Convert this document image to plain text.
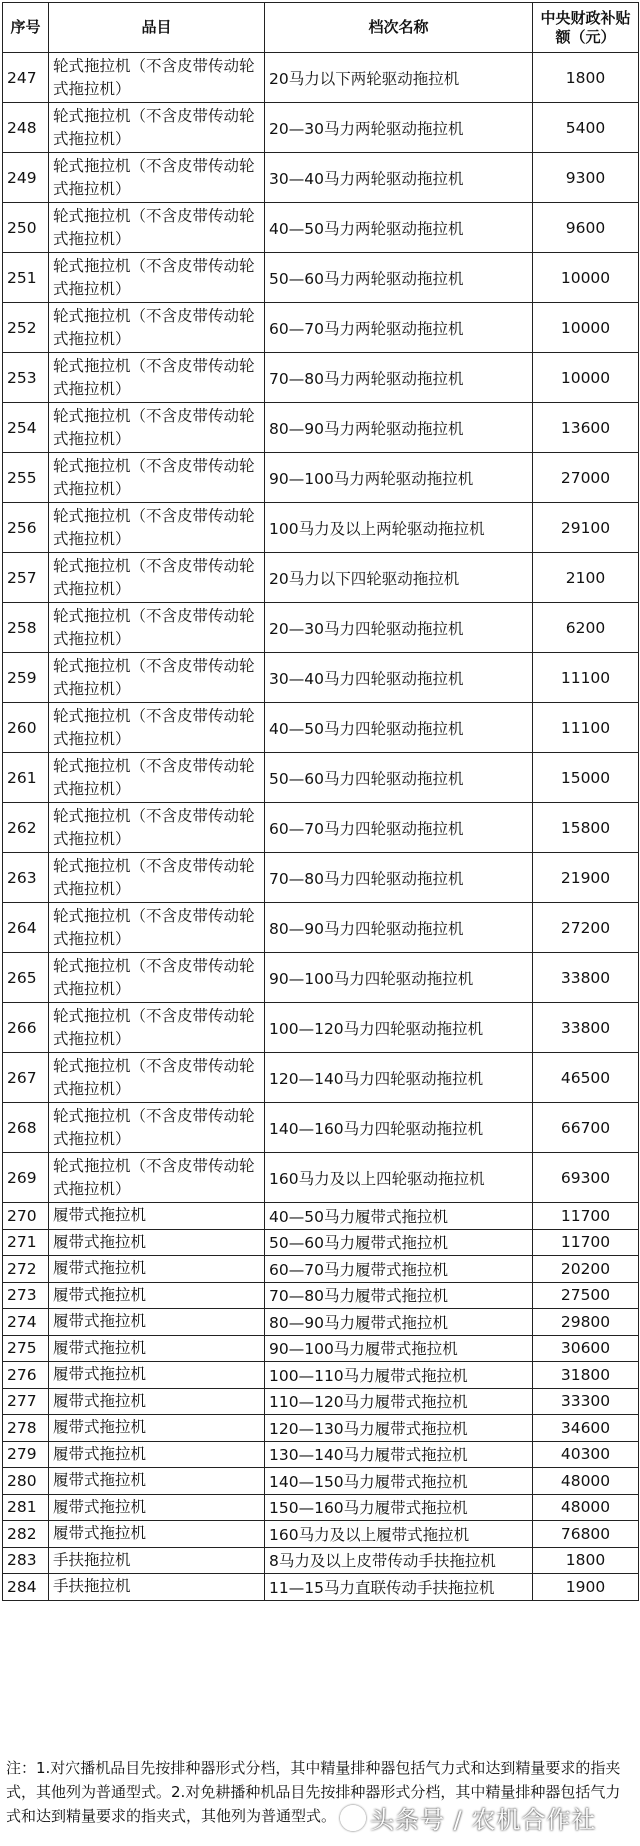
序号	品目	档次名称	中央财政补贴额（元）
247	轮式拖拉机（不含皮带传动轮式拖拉机）	20马力以下两轮驱动拖拉机	1800
248	轮式拖拉机（不含皮带传动轮式拖拉机）	20—30马力两轮驱动拖拉机	5400
249	轮式拖拉机（不含皮带传动轮式拖拉机）	30—40马力两轮驱动拖拉机	9300
250	轮式拖拉机（不含皮带传动轮式拖拉机）	40—50马力两轮驱动拖拉机	9600
251	轮式拖拉机（不含皮带传动轮式拖拉机）	50—60马力两轮驱动拖拉机	10000
252	轮式拖拉机（不含皮带传动轮式拖拉机）	60—70马力两轮驱动拖拉机	10000
253	轮式拖拉机（不含皮带传动轮式拖拉机）	70—80马力两轮驱动拖拉机	10000
254	轮式拖拉机（不含皮带传动轮式拖拉机）	80—90马力两轮驱动拖拉机	13600
255	轮式拖拉机（不含皮带传动轮式拖拉机）	90—100马力两轮驱动拖拉机	27000
256	轮式拖拉机（不含皮带传动轮式拖拉机）	100马力及以上两轮驱动拖拉机	29100
257	轮式拖拉机（不含皮带传动轮式拖拉机）	20马力以下四轮驱动拖拉机	2100
258	轮式拖拉机（不含皮带传动轮式拖拉机）	20—30马力四轮驱动拖拉机	6200
259	轮式拖拉机（不含皮带传动轮式拖拉机）	30—40马力四轮驱动拖拉机	11100
260	轮式拖拉机（不含皮带传动轮式拖拉机）	40—50马力四轮驱动拖拉机	11100
261	轮式拖拉机（不含皮带传动轮式拖拉机）	50—60马力四轮驱动拖拉机	15000
262	轮式拖拉机（不含皮带传动轮式拖拉机）	60—70马力四轮驱动拖拉机	15800
263	轮式拖拉机（不含皮带传动轮式拖拉机）	70—80马力四轮驱动拖拉机	21900
264	轮式拖拉机（不含皮带传动轮式拖拉机）	80—90马力四轮驱动拖拉机	27200
265	轮式拖拉机（不含皮带传动轮式拖拉机）	90—100马力四轮驱动拖拉机	33800
266	轮式拖拉机（不含皮带传动轮式拖拉机）	100—120马力四轮驱动拖拉机	33800
267	轮式拖拉机（不含皮带传动轮式拖拉机）	120—140马力四轮驱动拖拉机	46500
268	轮式拖拉机（不含皮带传动轮式拖拉机）	140—160马力四轮驱动拖拉机	66700
269	轮式拖拉机（不含皮带传动轮式拖拉机）	160马力及以上四轮驱动拖拉机	69300
270	履带式拖拉机	40—50马力履带式拖拉机	11700
271	履带式拖拉机	50—60马力履带式拖拉机	11700
272	履带式拖拉机	60—70马力履带式拖拉机	20200
273	履带式拖拉机	70—80马力履带式拖拉机	27500
274	履带式拖拉机	80—90马力履带式拖拉机	29800
275	履带式拖拉机	90—100马力履带式拖拉机	30600
276	履带式拖拉机	100—110马力履带式拖拉机	31800
277	履带式拖拉机	110—120马力履带式拖拉机	33300
278	履带式拖拉机	120—130马力履带式拖拉机	34600
279	履带式拖拉机	130—140马力履带式拖拉机	40300
280	履带式拖拉机	140—150马力履带式拖拉机	48000
281	履带式拖拉机	150—160马力履带式拖拉机	48000
282	履带式拖拉机	160马力及以上履带式拖拉机	76800
283	手扶拖拉机	8马力及以上皮带传动手扶拖拉机	1800
284	手扶拖拉机	11—15马力直联传动手扶拖拉机	1900
注：1.对穴播机品目先按排种器形式分档，其中精量排种器包括气力式和达到精量要求的指夹式，其他列为普通型式。2.对免耕播种机品目先按排种器形式分档，其中精量排种器包括气力式和达到精量要求的指夹式，其他列为普通型式。	头条号 / 农机合作社
